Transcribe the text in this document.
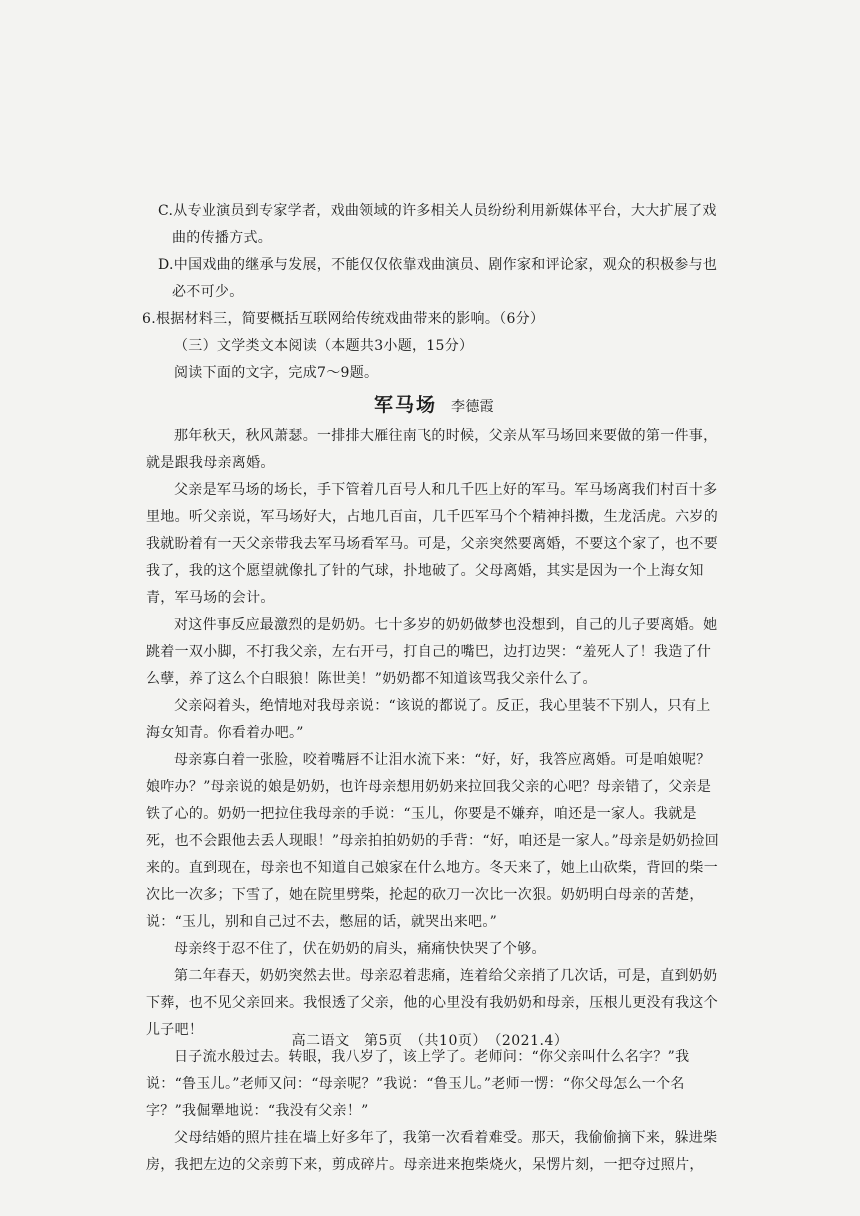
C.从专业演员到专家学者，戏曲领域的许多相关人员纷纷利用新媒体平台，大大扩展了戏曲的传播方式。

D.中国戏曲的继承与发展，不能仅仅依靠戏曲演员、剧作家和评论家，观众的积极参与也必不可少。

6.根据材料三，简要概括互联网给传统戏曲带来的影响。（6分）

（三）文学类文本阅读（本题共3小题，15分）

阅读下面的文字，完成7～9题。

军马场 李德霞

那年秋天，秋风萧瑟。一排排大雁往南飞的时候，父亲从军马场回来要做的第一件事，就是跟我母亲离婚。

父亲是军马场的场长，手下管着几百号人和几千匹上好的军马。军马场离我们村百十多里地。听父亲说，军马场好大，占地几百亩，几千匹军马个个精神抖擞，生龙活虎。六岁的我就盼着有一天父亲带我去军马场看军马。可是，父亲突然要离婚，不要这个家了，也不要我了，我的这个愿望就像扎了针的气球，扑地破了。父母离婚，其实是因为一个上海女知青，军马场的会计。

对这件事反应最激烈的是奶奶。七十多岁的奶奶做梦也没想到，自己的儿子要离婚。她跳着一双小脚，不打我父亲，左右开弓，打自己的嘴巴，边打边哭：“羞死人了！我造了什么孽，养了这么个白眼狼！陈世美！”奶奶都不知道该骂我父亲什么了。

父亲闷着头，绝情地对我母亲说：“该说的都说了。反正，我心里装不下别人，只有上海女知青。你看着办吧。”

母亲寡白着一张脸，咬着嘴唇不让泪水流下来：“好，好，我答应离婚。可是咱娘呢？娘咋办？”母亲说的娘是奶奶，也许母亲想用奶奶来拉回我父亲的心吧？母亲错了，父亲是铁了心的。奶奶一把拉住我母亲的手说：“玉儿，你要是不嫌弃，咱还是一家人。我就是死，也不会跟他去丢人现眼！”母亲拍拍奶奶的手背：“好，咱还是一家人。”母亲是奶奶捡回来的。直到现在，母亲也不知道自己娘家在什么地方。冬天来了，她上山砍柴，背回的柴一次比一次多；下雪了，她在院里劈柴，抡起的砍刀一次比一次狠。奶奶明白母亲的苦楚，说：“玉儿，别和自己过不去，憋屈的话，就哭出来吧。”

母亲终于忍不住了，伏在奶奶的肩头，痛痛快快哭了个够。

第二年春天，奶奶突然去世。母亲忍着悲痛，连着给父亲捎了几次话，可是，直到奶奶下葬，也不见父亲回来。我恨透了父亲，他的心里没有我奶奶和母亲，压根儿更没有我这个儿子吧！

日子流水般过去。转眼，我八岁了，该上学了。老师问：“你父亲叫什么名字？”我说：“鲁玉儿。”老师又问：“母亲呢？”我说：“鲁玉儿。”老师一愣：“你父母怎么一个名字？”我倔犟地说：“我没有父亲！”

父母结婚的照片挂在墙上好多年了，我第一次看着难受。那天，我偷偷摘下来，躲进柴房，我把左边的父亲剪下来，剪成碎片。母亲进来抱柴烧火，呆愣片刻，一把夺过照片，

高二语文　第5页　（共10页）　（2021.4）
